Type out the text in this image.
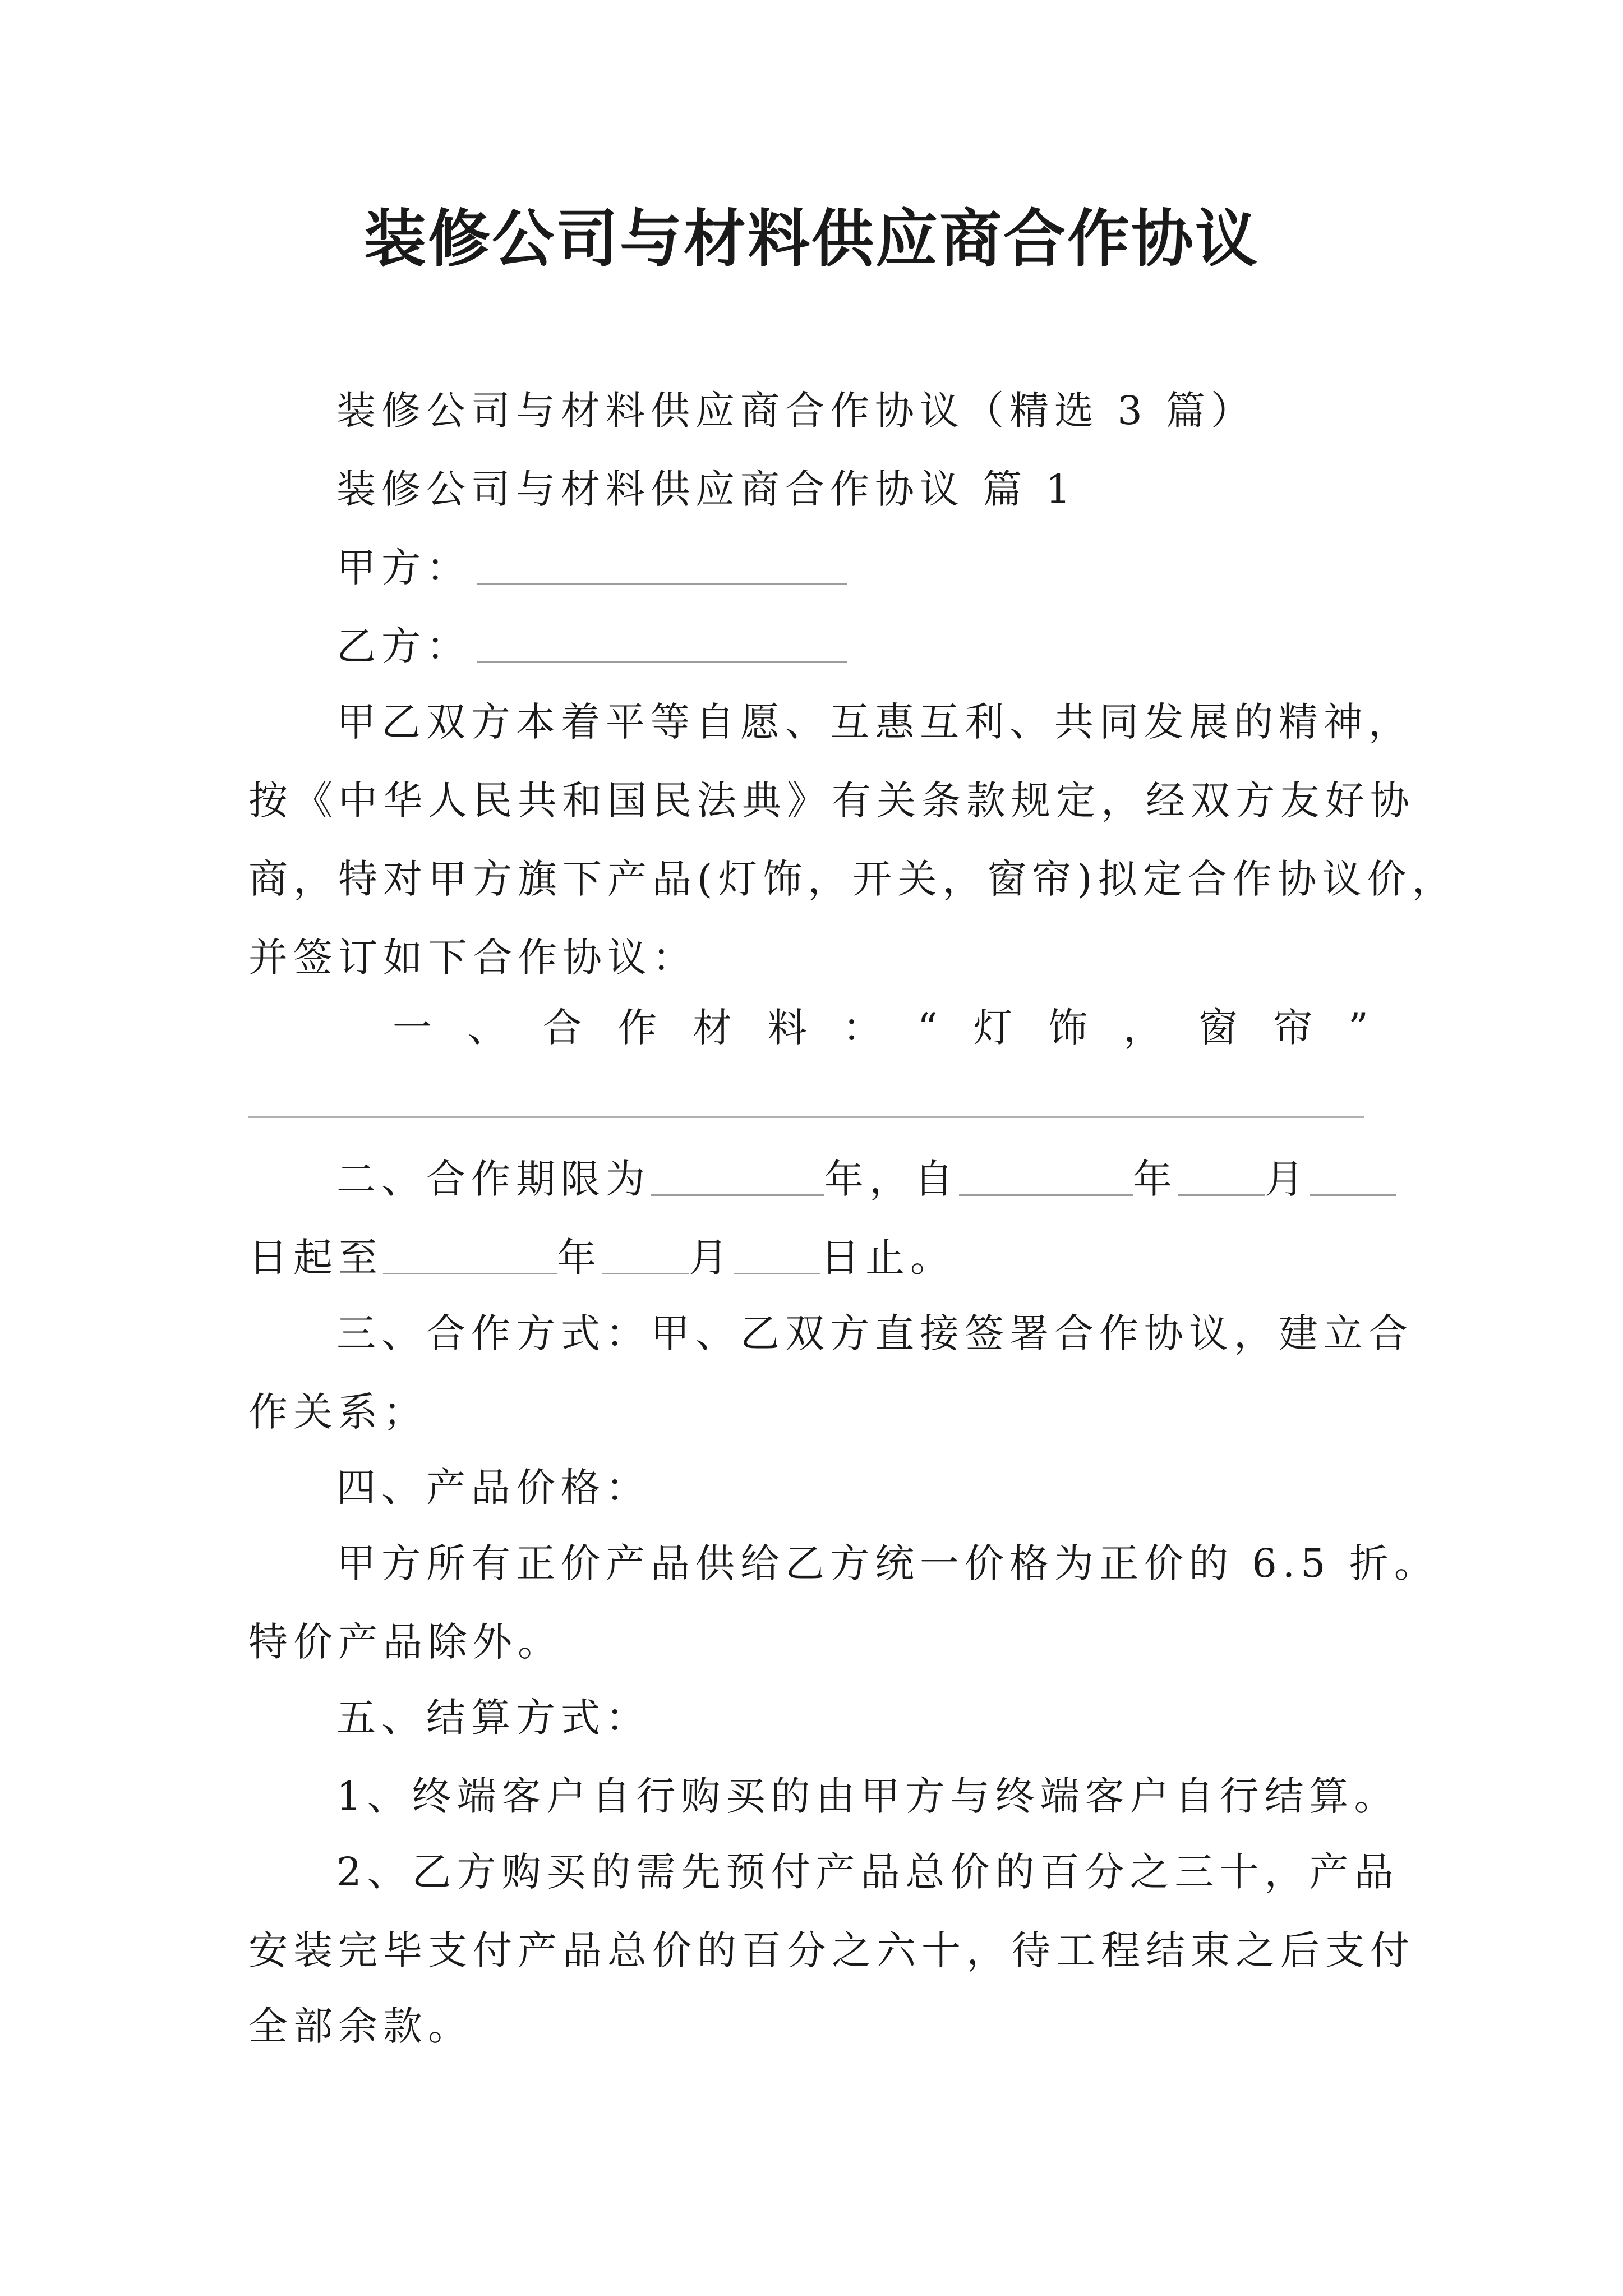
装修公司与材料供应商合作协议
装修公司与材料供应商合作协议（精选 3 篇）
装修公司与材料供应商合作协议 篇 1
甲方：
乙方：
甲乙双方本着平等自愿、互惠互利、共同发展的精神，
按《中华人民共和国民法典》有关条款规定，经双方友好协
商，特对甲方旗下产品(灯饰，开关，窗帘)拟定合作协议价，
并签订如下合作协议：
一 、 合 作 材 料 ： “ 灯 饰 ， 窗 帘 ”
二、合作期限为	年，自	年 月
日起至	年 月 日止。
三、合作方式：甲、乙双方直接签署合作协议，建立合
作关系；
四、产品价格：
甲方所有正价产品供给乙方统一价格为正价的 6.5 折。
特价产品除外。
五、结算方式：
1、终端客户自行购买的由甲方与终端客户自行结算。
2、乙方购买的需先预付产品总价的百分之三十，产品
安装完毕支付产品总价的百分之六十，待工程结束之后支付
全部余款。
